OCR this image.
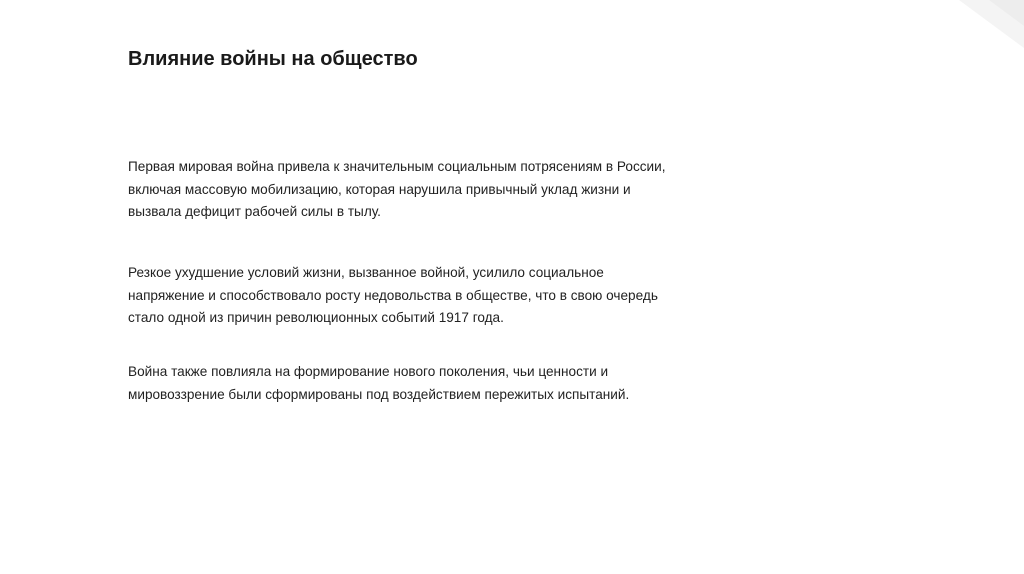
Влияние войны на общество

Первая мировая война привела к значительным социальным потрясениям в России,
включая массовую мобилизацию, которая нарушила привычный уклад жизни и
вызвала дефицит рабочей силы в тылу.

Резкое ухудшение условий жизни, вызванное войной, усилило социальное
напряжение и способствовало росту недовольства в обществе, что в свою очередь
стало одной из причин революционных событий 1917 года.

Война также повлияла на формирование нового поколения, чьи ценности и
мировоззрение были сформированы под воздействием пережитых испытаний.
